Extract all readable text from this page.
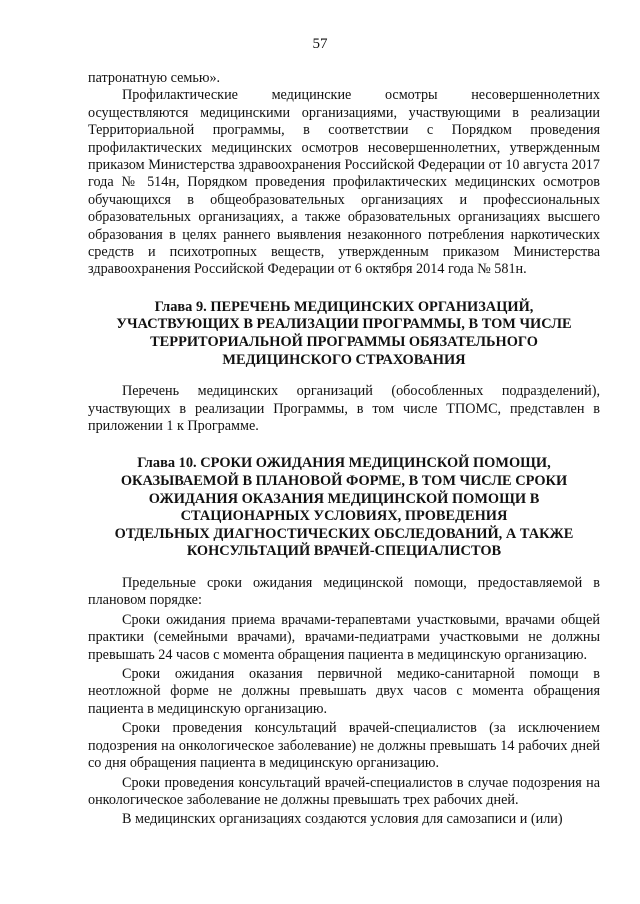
57

патронатную семью».

Профилактические медицинские осмотры несовершеннолетних осуществляются медицинскими организациями, участвующими в реализации Территориальной программы, в соответствии с Порядком проведения профилактических медицинских осмотров несовершеннолетних, утвержденным приказом Министерства здравоохранения Российской Федерации от 10 августа 2017 года № 514н, Порядком проведения профилактических медицинских осмотров обучающихся в общеобразовательных организациях и профессиональных образовательных организациях, а также образовательных организациях высшего образования в целях раннего выявления незаконного потребления наркотических средств и психотропных веществ, утвержденным приказом Министерства здравоохранения Российской Федерации от 6 октября 2014 года № 581н.

Глава 9. ПЕРЕЧЕНЬ МЕДИЦИНСКИХ ОРГАНИЗАЦИЙ,
УЧАСТВУЮЩИХ В РЕАЛИЗАЦИИ ПРОГРАММЫ, В ТОМ ЧИСЛЕ
ТЕРРИТОРИАЛЬНОЙ ПРОГРАММЫ ОБЯЗАТЕЛЬНОГО
МЕДИЦИНСКОГО СТРАХОВАНИЯ

Перечень медицинских организаций (обособленных подразделений), участвующих в реализации Программы, в том числе ТПОМС, представлен в приложении 1 к Программе.

Глава 10. СРОКИ ОЖИДАНИЯ МЕДИЦИНСКОЙ ПОМОЩИ,
ОКАЗЫВАЕМОЙ В ПЛАНОВОЙ ФОРМЕ, В ТОМ ЧИСЛЕ СРОКИ
ОЖИДАНИЯ ОКАЗАНИЯ МЕДИЦИНСКОЙ ПОМОЩИ В
СТАЦИОНАРНЫХ УСЛОВИЯХ, ПРОВЕДЕНИЯ
ОТДЕЛЬНЫХ ДИАГНОСТИЧЕСКИХ ОБСЛЕДОВАНИЙ, А ТАКЖЕ
КОНСУЛЬТАЦИЙ ВРАЧЕЙ-СПЕЦИАЛИСТОВ

Предельные сроки ожидания медицинской помощи, предоставляемой в плановом порядке:

Сроки ожидания приема врачами-терапевтами участковыми, врачами общей практики (семейными врачами), врачами-педиатрами участковыми не должны превышать 24 часов с момента обращения пациента в медицинскую организацию.

Сроки ожидания оказания первичной медико-санитарной помощи в неотложной форме не должны превышать двух часов с момента обращения пациента в медицинскую организацию.

Сроки проведения консультаций врачей-специалистов (за исключением подозрения на онкологическое заболевание) не должны превышать 14 рабочих дней со дня обращения пациента в медицинскую организацию.

Сроки проведения консультаций врачей-специалистов в случае подозрения на онкологическое заболевание не должны превышать трех рабочих дней.

В медицинских организациях создаются условия для самозаписи и (или)
